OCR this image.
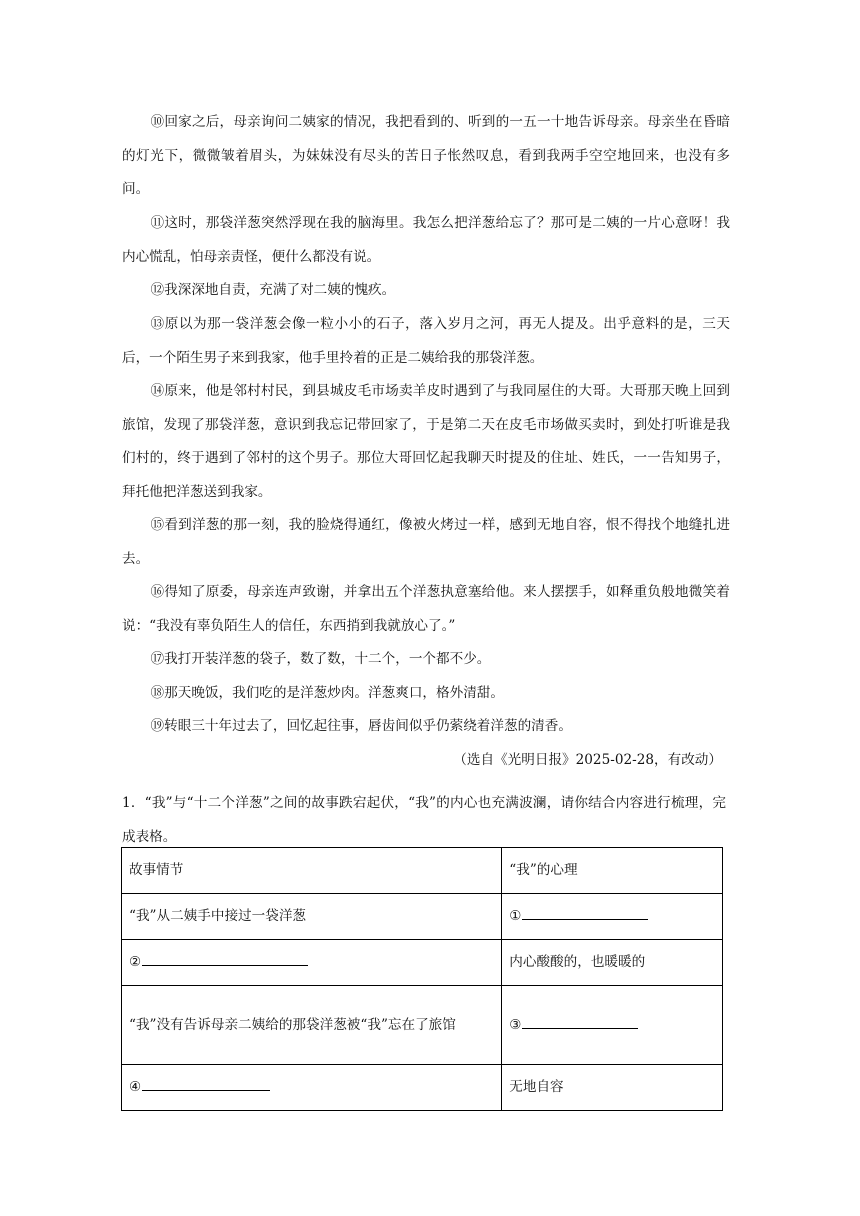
⑩回家之后，母亲询问二姨家的情况，我把看到的、听到的一五一十地告诉母亲。母亲坐在昏暗的灯光下，微微皱着眉头，为妹妹没有尽头的苦日子怅然叹息，看到我两手空空地回来，也没有多问。

⑪这时，那袋洋葱突然浮现在我的脑海里。我怎么把洋葱给忘了？那可是二姨的一片心意呀！我内心慌乱，怕母亲责怪，便什么都没有说。

⑫我深深地自责，充满了对二姨的愧疚。

⑬原以为那一袋洋葱会像一粒小小的石子，落入岁月之河，再无人提及。出乎意料的是，三天后，一个陌生男子来到我家，他手里拎着的正是二姨给我的那袋洋葱。

⑭原来，他是邻村村民，到县城皮毛市场卖羊皮时遇到了与我同屋住的大哥。大哥那天晚上回到旅馆，发现了那袋洋葱，意识到我忘记带回家了，于是第二天在皮毛市场做买卖时，到处打听谁是我们村的，终于遇到了邻村的这个男子。那位大哥回忆起我聊天时提及的住址、姓氏，一一告知男子，拜托他把洋葱送到我家。

⑮看到洋葱的那一刻，我的脸烧得通红，像被火烤过一样，感到无地自容，恨不得找个地缝扎进去。

⑯得知了原委，母亲连声致谢，并拿出五个洋葱执意塞给他。来人摆摆手，如释重负般地微笑着说：“我没有辜负陌生人的信任，东西捎到我就放心了。”

⑰我打开装洋葱的袋子，数了数，十二个，一个都不少。

⑱那天晚饭，我们吃的是洋葱炒肉。洋葱爽口，格外清甜。

⑲转眼三十年过去了，回忆起往事，唇齿间似乎仍萦绕着洋葱的清香。

（选自《光明日报》2025-02-28，有改动）

1．“我”与“十二个洋葱”之间的故事跌宕起伏，“我”的内心也充满波澜，请你结合内容进行梳理，完成表格。

故事情节	“我”的心理
“我”从二姨手中接过一袋洋葱	①
②	内心酸酸的，也暖暖的
“我”没有告诉母亲二姨给的那袋洋葱被“我”忘在了旅馆	③
④	无地自容
